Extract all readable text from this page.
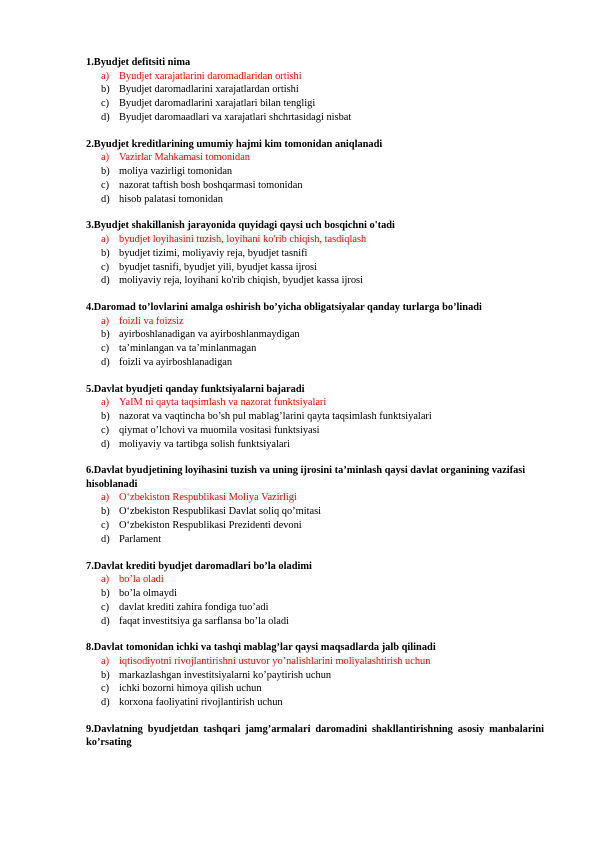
1.Byudjet defitsiti nima

a) Byudjet xarajatlarini daromadlaridan ortishi
b) Byudjet daromadlarini xarajatlardan ortishi
c) Byudjet daromadlarini xarajatlari bilan tengligi
d) Byudjet daromaadlari va xarajatlari shchrtasidagi nisbat

2.Byudjet kreditlarining umumiy hajmi kim tomonidan aniqlanadi

a) Vazirlar Mahkamasi tomonidan
b) moliya vazirligi tomonidan
c) nazorat taftish bosh boshqarmasi tomonidan
d) hisob palatasi tomonidan

3.Byudjet shakillanish jarayonida quyidagi qaysi uch bosqichni o'tadi

a) byudjet loyihasini tuzish, loyihani ko'rib chiqish, tasdiqlash
b) byudjet tizimi, moliyaviy reja, byudjet tasnifi
c) byudjet tasnifi, byudjet yili, byudjet kassa ijrosi
d) moliyaviy reja, loyihani ko'rib chiqish, byudjet kassa ijrosi

4.Daromad to’lovlarini amalga oshirish bo’yicha obligatsiyalar qanday turlarga bo’linadi

a) foizli va foizsiz
b) ayirboshlanadigan va ayirboshlanmaydigan
c) ta’minlangan va ta’minlanmagan
d) foizli va ayirboshlanadigan

5.Davlat byudjeti qanday funktsiyalarni bajaradi

a) YaIM ni qayta taqsimlash va nazorat funktsiyalari
b) nazorat va vaqtincha bo’sh pul mablag’larini qayta taqsimlash funktsiyalari
c) qiymat o’lchovi va muomila vositasi funktsiyasi
d) moliyaviy va tartibga solish funktsiyalari

6.Davlat byudjetining loyihasini tuzish va uning ijrosini ta’minlash qaysi davlat organining vazifasi hisoblanadi

a) O‘zbekiston Respublikasi Moliya Vazirligi
b) O‘zbekiston Respublikasi Davlat soliq qo’mitasi
c) O‘zbekiston Respublikasi Prezidenti devoni
d) Parlament

7.Davlat krediti byudjet daromadlari bo’la oladimi

a) bo’la oladi
b) bo’la olmaydi
c) davlat krediti zahira fondiga tuo’adi
d) faqat investitsiya ga sarflansa bo’la oladi

8.Davlat tomonidan ichki va tashqi mablag’lar qaysi maqsadlarda jalb qilinadi

a) iqtisodiyotni rivojlantirishni ustuvor yo’nalishlarini moliyalashtirish uchun
b) markazlashgan investitsiyalarni ko’paytirish uchun
c) ichki bozorni himoya qilish uchun
d) korxona faoliyatini rivojlantirish uchun

9.Davlatning byudjetdan tashqari jamg’armalari daromadini shakllantirishning asosiy manbalarini ko’rsating
